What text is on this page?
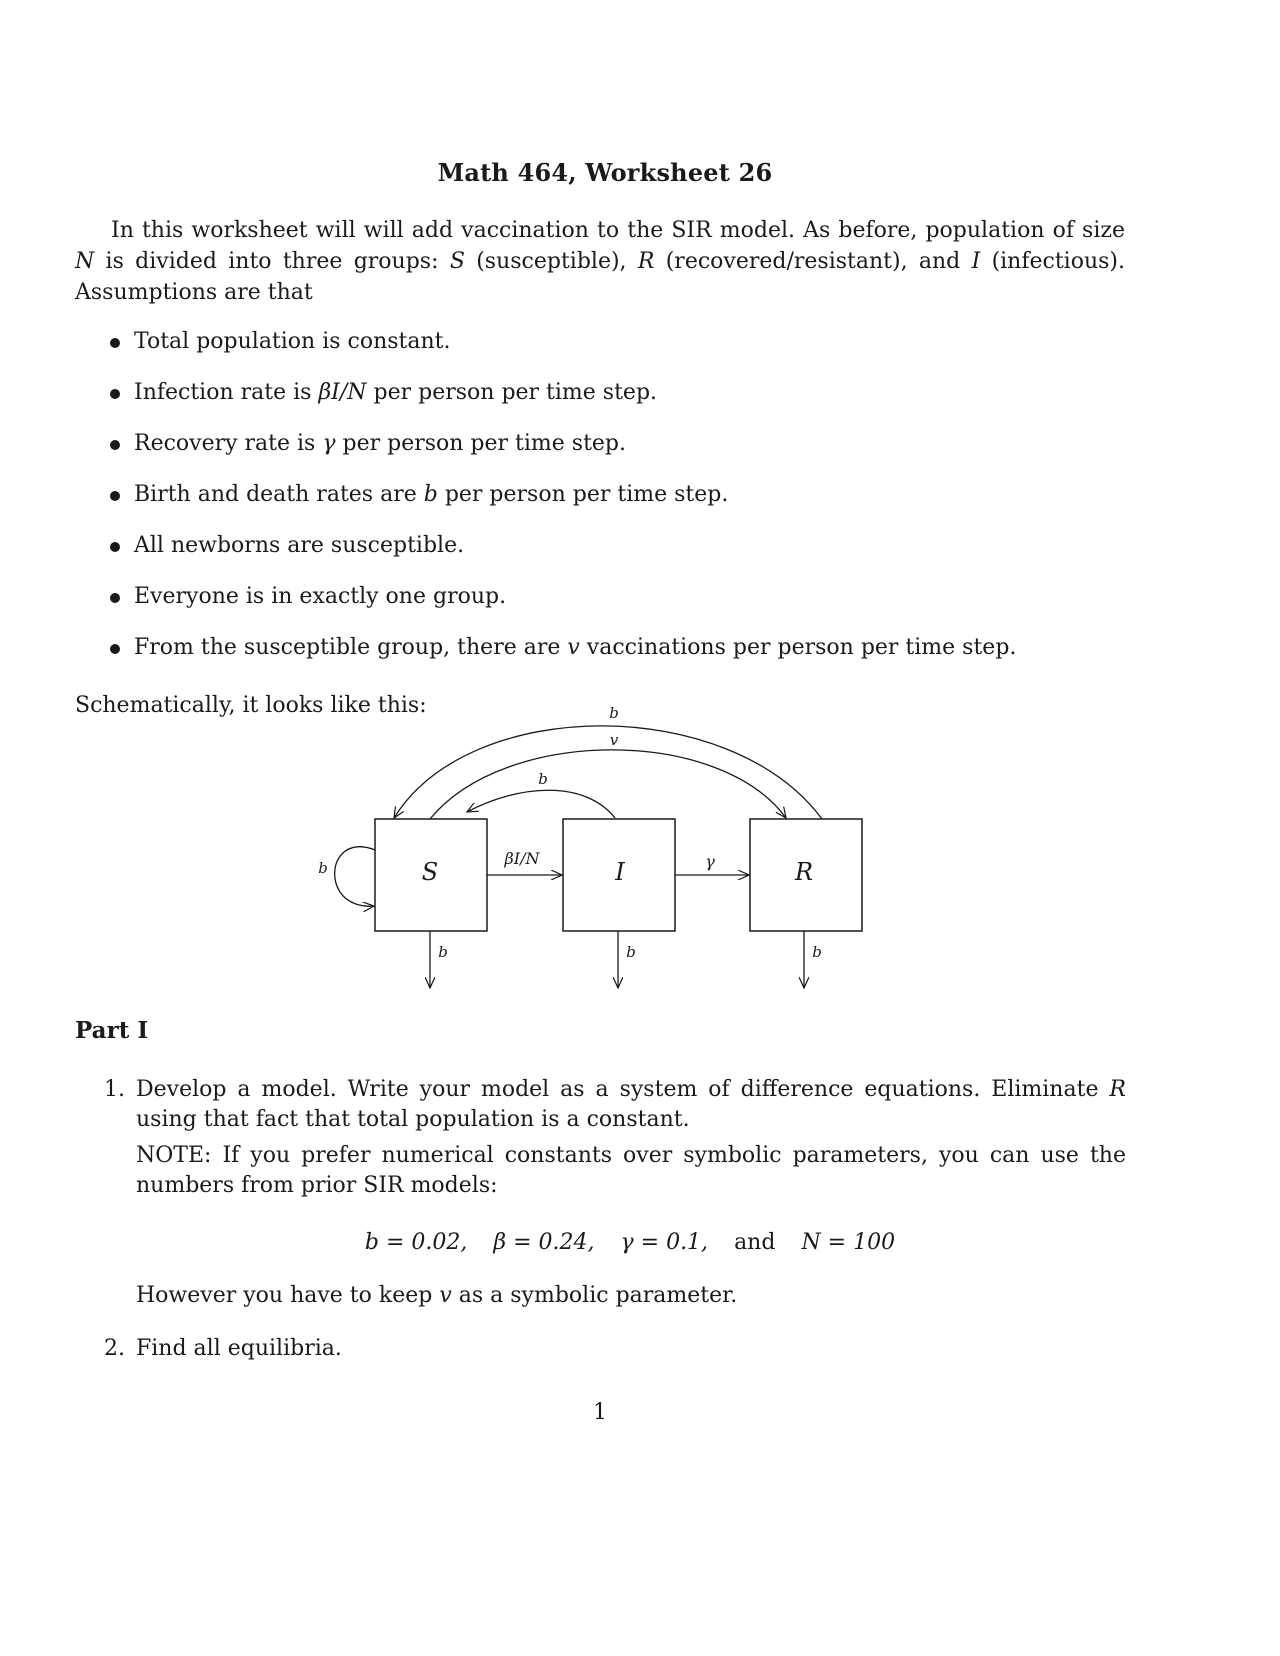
Math 464, Worksheet 26

In this worksheet will will add vaccination to the SIR model. As before, population of size N is divided into three groups: S (susceptible), R (recovered/resistant), and I (infectious). Assumptions are that

Total population is constant.
Infection rate is βI/N per person per time step.
Recovery rate is γ per person per time step.
Birth and death rates are b per person per time step.
All newborns are susceptible.
Everyone is in exactly one group.
From the susceptible group, there are v vaccinations per person per time step.

Schematically, it looks like this:

S	I	R
βI/N	γ
b
b
v
b
b	b	b

Part I

1. Develop a model. Write your model as a system of difference equations. Eliminate R using that fact that total population is a constant.

NOTE: If you prefer numerical constants over symbolic parameters, you can use the numbers from prior SIR models:

b = 0.02, β = 0.24, γ = 0.1, and N = 100

However you have to keep v as a symbolic parameter.

2. Find all equilibria.
1
